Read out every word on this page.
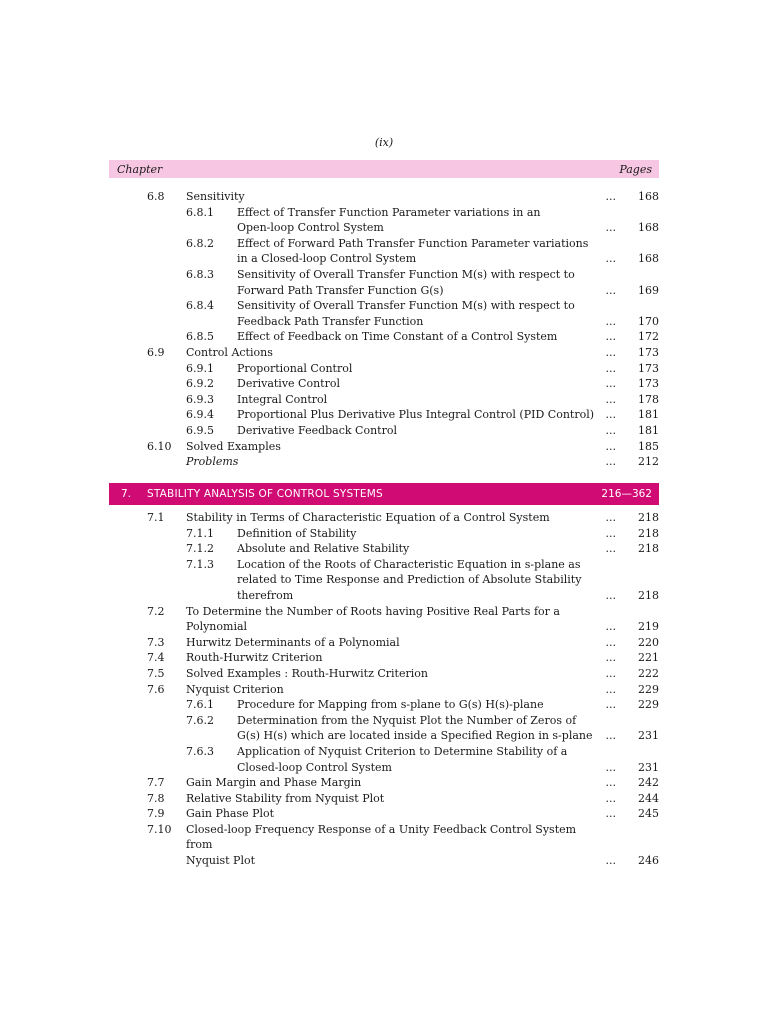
(ix)
Chapter	Pages
6.8 Sensitivity	...	168
6.8.1 Effect of Transfer Function Parameter variations in an
Open-loop Control System	...	168
6.8.2 Effect of Forward Path Transfer Function Parameter variations
in a Closed-loop Control System	...	168
6.8.3 Sensitivity of Overall Transfer Function M(s) with respect to
Forward Path Transfer Function G(s)	...	169
6.8.4 Sensitivity of Overall Transfer Function M(s) with respect to
Feedback Path Transfer Function	...	170
6.8.5 Effect of Feedback on Time Constant of a Control System	...	172
6.9 Control Actions	...	173
6.9.1 Proportional Control	...	173
6.9.2 Derivative Control	...	173
6.9.3 Integral Control	...	178
6.9.4 Proportional Plus Derivative Plus Integral Control (PID Control) ...	181
6.9.5 Derivative Feedback Control	...	181
6.10 Solved Examples	...	185
Problems	...	212
7.	STABILITY ANALYSIS OF CONTROL SYSTEMS	216—362
7.1 Stability in Terms of Characteristic Equation of a Control System	...	218
7.1.1 Definition of Stability	...	218
7.1.2 Absolute and Relative Stability	...	218
7.1.3 Location of the Roots of Characteristic Equation in s-plane as
related to Time Response and Prediction of Absolute Stability
therefrom	...	218
7.2 To Determine the Number of Roots having Positive Real Parts for a
Polynomial	...	219
7.3 Hurwitz Determinants of a Polynomial	...	220
7.4 Routh-Hurwitz Criterion	...	221
7.5 Solved Examples : Routh-Hurwitz Criterion	...	222
7.6 Nyquist Criterion	...	229
7.6.1 Procedure for Mapping from s-plane to G(s) H(s)-plane	...	229
7.6.2 Determination from the Nyquist Plot the Number of Zeros of
G(s) H(s) which are located inside a Specified Region in s-plane ...	231
7.6.3 Application of Nyquist Criterion to Determine Stability of a
Closed-loop Control System	...	231
7.7 Gain Margin and Phase Margin	...	242
7.8 Relative Stability from Nyquist Plot	...	244
7.9 Gain Phase Plot	...	245
7.10 Closed-loop Frequency Response of a Unity Feedback Control System from
Nyquist Plot	...	246
